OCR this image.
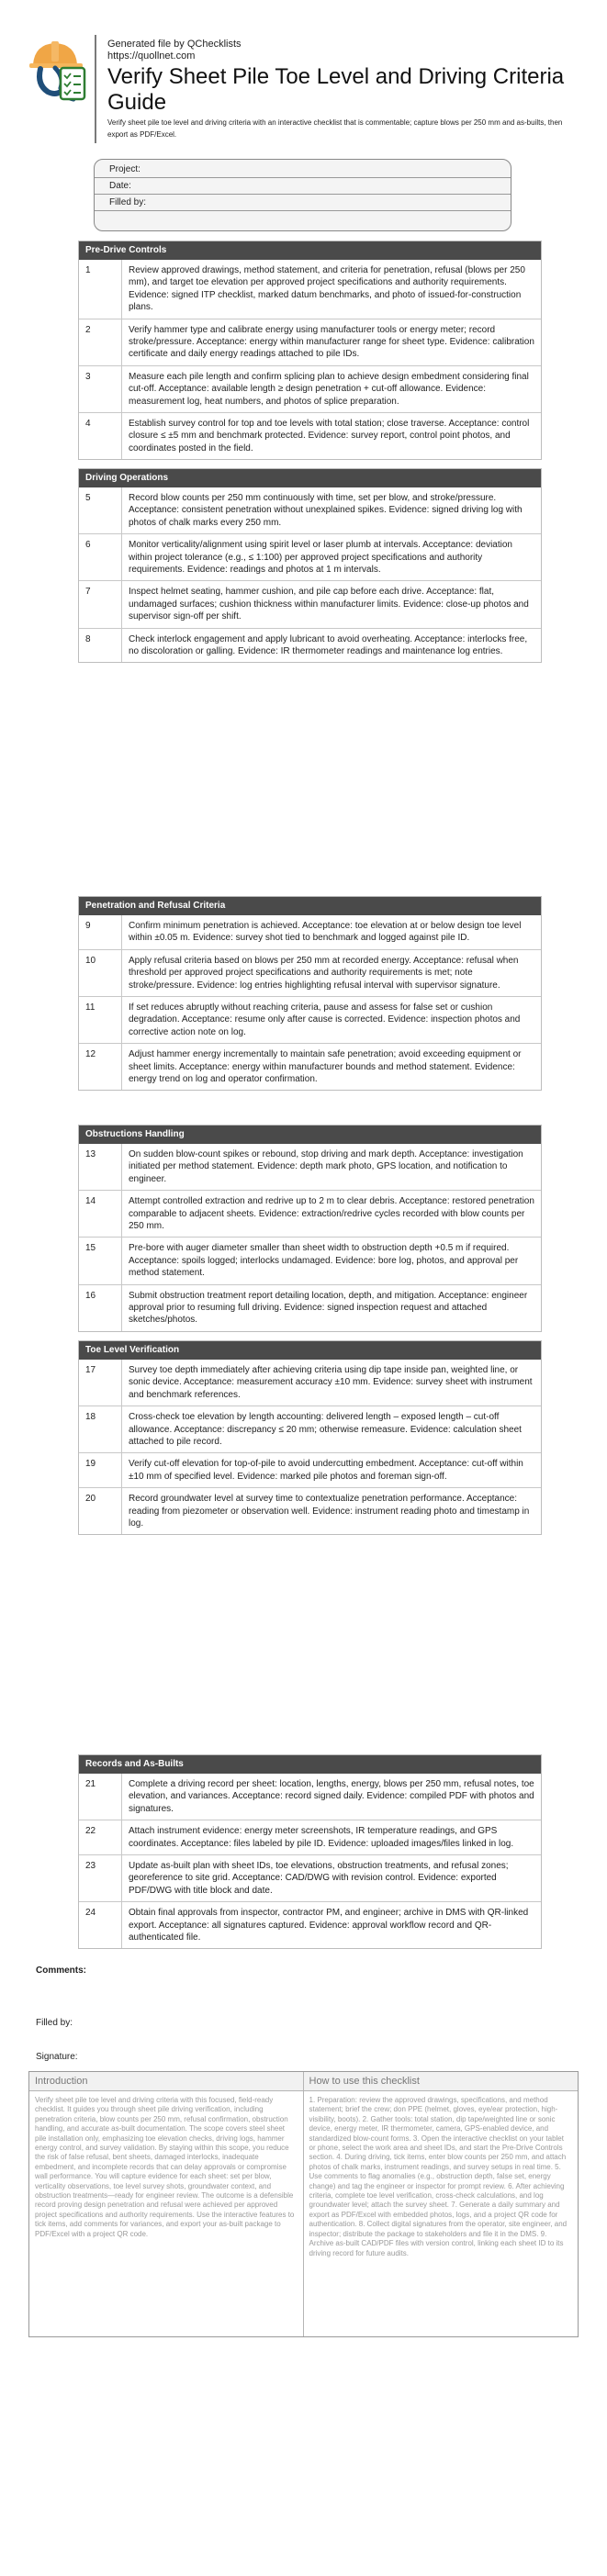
Generated file by QChecklists
https://quollnet.com
Verify Sheet Pile Toe Level and Driving Criteria Guide
Verify sheet pile toe level and driving criteria with an interactive checklist that is commentable; capture blows per 250 mm and as-builts, then export as PDF/Excel.
Project:
Date:
Filled by:
Pre-Drive Controls
1	Review approved drawings, method statement, and criteria for penetration, refusal (blows per 250 mm), and target toe elevation per approved project specifications and authority requirements. Evidence: signed ITP checklist, marked datum benchmarks, and photo of issued-for-construction plans.
2	Verify hammer type and calibrate energy using manufacturer tools or energy meter; record stroke/pressure. Acceptance: energy within manufacturer range for sheet type. Evidence: calibration certificate and daily energy readings attached to pile IDs.
3	Measure each pile length and confirm splicing plan to achieve design embedment considering final cut-off. Acceptance: available length ≥ design penetration + cut-off allowance. Evidence: measurement log, heat numbers, and photos of splice preparation.
4	Establish survey control for top and toe levels with total station; close traverse. Acceptance: control closure ≤ ±5 mm and benchmark protected. Evidence: survey report, control point photos, and coordinates posted in the field.
Driving Operations
5	Record blow counts per 250 mm continuously with time, set per blow, and stroke/pressure. Acceptance: consistent penetration without unexplained spikes. Evidence: signed driving log with photos of chalk marks every 250 mm.
6	Monitor verticality/alignment using spirit level or laser plumb at intervals. Acceptance: deviation within project tolerance (e.g., ≤ 1:100) per approved project specifications and authority requirements. Evidence: readings and photos at 1 m intervals.
7	Inspect helmet seating, hammer cushion, and pile cap before each drive. Acceptance: flat, undamaged surfaces; cushion thickness within manufacturer limits. Evidence: close-up photos and supervisor sign-off per shift.
8	Check interlock engagement and apply lubricant to avoid overheating. Acceptance: interlocks free, no discoloration or galling. Evidence: IR thermometer readings and maintenance log entries.
Penetration and Refusal Criteria
9	Confirm minimum penetration is achieved. Acceptance: toe elevation at or below design toe level within ±0.05 m. Evidence: survey shot tied to benchmark and logged against pile ID.
10	Apply refusal criteria based on blows per 250 mm at recorded energy. Acceptance: refusal when threshold per approved project specifications and authority requirements is met; note stroke/pressure. Evidence: log entries highlighting refusal interval with supervisor signature.
11	If set reduces abruptly without reaching criteria, pause and assess for false set or cushion degradation. Acceptance: resume only after cause is corrected. Evidence: inspection photos and corrective action note on log.
12	Adjust hammer energy incrementally to maintain safe penetration; avoid exceeding equipment or sheet limits. Acceptance: energy within manufacturer bounds and method statement. Evidence: energy trend on log and operator confirmation.
Obstructions Handling
13	On sudden blow-count spikes or rebound, stop driving and mark depth. Acceptance: investigation initiated per method statement. Evidence: depth mark photo, GPS location, and notification to engineer.
14	Attempt controlled extraction and redrive up to 2 m to clear debris. Acceptance: restored penetration comparable to adjacent sheets. Evidence: extraction/redrive cycles recorded with blow counts per 250 mm.
15	Pre-bore with auger diameter smaller than sheet width to obstruction depth +0.5 m if required. Acceptance: spoils logged; interlocks undamaged. Evidence: bore log, photos, and approval per method statement.
16	Submit obstruction treatment report detailing location, depth, and mitigation. Acceptance: engineer approval prior to resuming full driving. Evidence: signed inspection request and attached sketches/photos.
Toe Level Verification
17	Survey toe depth immediately after achieving criteria using dip tape inside pan, weighted line, or sonic device. Acceptance: measurement accuracy ±10 mm. Evidence: survey sheet with instrument and benchmark references.
18	Cross-check toe elevation by length accounting: delivered length – exposed length – cut-off allowance. Acceptance: discrepancy ≤ 20 mm; otherwise remeasure. Evidence: calculation sheet attached to pile record.
19	Verify cut-off elevation for top-of-pile to avoid undercutting embedment. Acceptance: cut-off within ±10 mm of specified level. Evidence: marked pile photos and foreman sign-off.
20	Record groundwater level at survey time to contextualize penetration performance. Acceptance: reading from piezometer or observation well. Evidence: instrument reading photo and timestamp in log.
Records and As-Builts
21	Complete a driving record per sheet: location, lengths, energy, blows per 250 mm, refusal notes, toe elevation, and variances. Acceptance: record signed daily. Evidence: compiled PDF with photos and signatures.
22	Attach instrument evidence: energy meter screenshots, IR temperature readings, and GPS coordinates. Acceptance: files labeled by pile ID. Evidence: uploaded images/files linked in log.
23	Update as-built plan with sheet IDs, toe elevations, obstruction treatments, and refusal zones; georeference to site grid. Acceptance: CAD/DWG with revision control. Evidence: exported PDF/DWG with title block and date.
24	Obtain final approvals from inspector, contractor PM, and engineer; archive in DMS with QR-linked export. Acceptance: all signatures captured. Evidence: approval workflow record and QR-authenticated file.
Comments:
Filled by:
Signature:
Introduction
Verify sheet pile toe level and driving criteria with this focused, field-ready checklist. It guides you through sheet pile driving verification, including penetration criteria, blow counts per 250 mm, refusal confirmation, obstruction handling, and accurate as-built documentation. The scope covers steel sheet pile installation only, emphasizing toe elevation checks, driving logs, hammer energy control, and survey validation. By staying within this scope, you reduce the risk of false refusal, bent sheets, damaged interlocks, inadequate embedment, and incomplete records that can delay approvals or compromise wall performance. You will capture evidence for each sheet: set per blow, verticality observations, toe level survey shots, groundwater context, and obstruction treatments—ready for engineer review. The outcome is a defensible record proving design penetration and refusal were achieved per approved project specifications and authority requirements. Use the interactive features to tick items, add comments for variances, and export your as-built package to PDF/Excel with a project QR code.
How to use this checklist
1. Preparation: review the approved drawings, specifications, and method statement; brief the crew; don PPE (helmet, gloves, eye/ear protection, high-visibility, boots). 2. Gather tools: total station, dip tape/weighted line or sonic device, energy meter, IR thermometer, camera, GPS-enabled device, and standardized blow-count forms. 3. Open the interactive checklist on your tablet or phone, select the work area and sheet IDs, and start the Pre-Drive Controls section. 4. During driving, tick items, enter blow counts per 250 mm, and attach photos of chalk marks, instrument readings, and survey setups in real time. 5. Use comments to flag anomalies (e.g., obstruction depth, false set, energy change) and tag the engineer or inspector for prompt review. 6. After achieving criteria, complete toe level verification, cross-check calculations, and log groundwater level; attach the survey sheet. 7. Generate a daily summary and export as PDF/Excel with embedded photos, logs, and a project QR code for authentication. 8. Collect digital signatures from the operator, site engineer, and inspector; distribute the package to stakeholders and file it in the DMS. 9. Archive as-built CAD/PDF files with version control, linking each sheet ID to its driving record for future audits.
